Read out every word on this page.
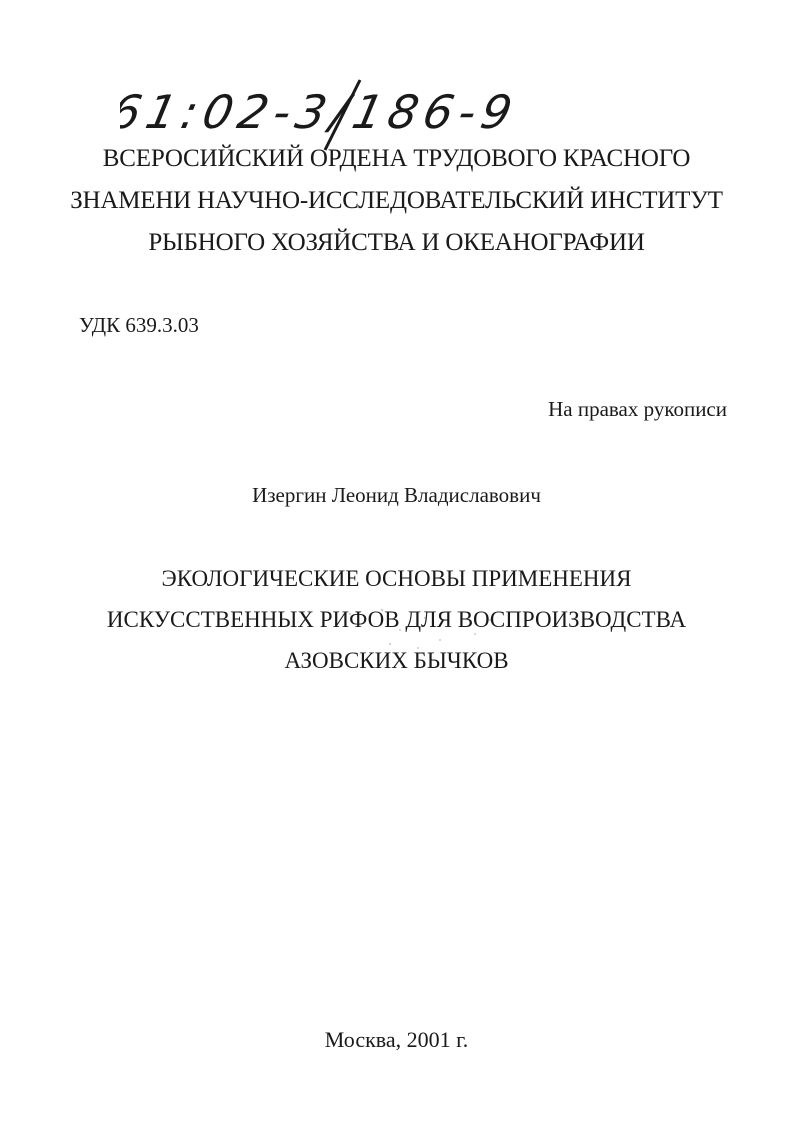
61:02-3/186-9
ВСЕРОСИЙСКИЙ ОРДЕНА ТРУДОВОГО КРАСНОГО
ЗНАМЕНИ НАУЧНО-ИССЛЕДОВАТЕЛЬСКИЙ ИНСТИТУТ
РЫБНОГО ХОЗЯЙСТВА И ОКЕАНОГРАФИИ
УДК 639.3.03
На правах рукописи
Изергин Леонид Владиславович
ЭКОЛОГИЧЕСКИЕ ОСНОВЫ ПРИМЕНЕНИЯ
ИСКУССТВЕННЫХ РИФОВ ДЛЯ ВОСПРОИЗВОДСТВА
АЗОВСКИХ БЫЧКОВ
Москва, 2001 г.
